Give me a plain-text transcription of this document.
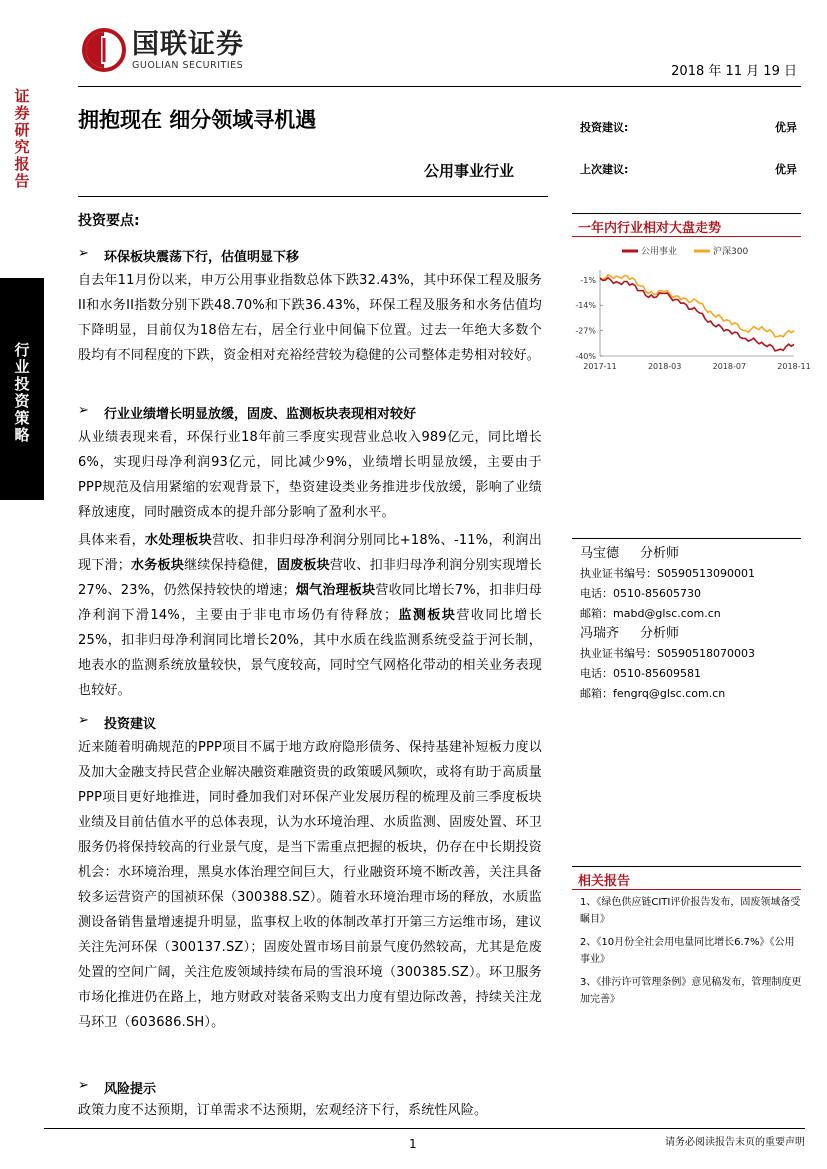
证券研究报告
行业投资策略
国联证券
GUOLIAN SECURITIES	2018 年 11 月 19 日
拥抱现在 细分领域寻机遇
公用事业行业
投资建议:	优异
上次建议:	优异
投资要点:
➢	环保板块震荡下行，估值明显下移
自去年11月份以来，申万公用事业指数总体下跌32.43%，其中环保工程及服务II和水务II指数分别下跌48.70%和下跌36.43%，环保工程及服务和水务估值均下降明显，目前仅为18倍左右，居全行业中间偏下位置。过去一年绝大多数个股均有不同程度的下跌，资金相对充裕经营较为稳健的公司整体走势相对较好。
➢	行业业绩增长明显放缓，固废、监测板块表现相对较好
从业绩表现来看，环保行业18年前三季度实现营业总收入989亿元，同比增长6%，实现归母净利润93亿元，同比减少9%，业绩增长明显放缓，主要由于PPP规范及信用紧缩的宏观背景下，垫资建设类业务推进步伐放缓，影响了业绩释放速度，同时融资成本的提升部分影响了盈利水平。
具体来看，水处理板块营收、扣非归母净利润分别同比+18%、-11%，利润出现下滑；水务板块继续保持稳健，固废板块营收、扣非归母净利润分别实现增长27%、23%，仍然保持较快的增速；烟气治理板块营收同比增长7%，扣非归母净利润下滑14%，主要由于非电市场仍有待释放；监测板块营收同比增长25%，扣非归母净利润同比增长20%，其中水质在线监测系统受益于河长制，地表水的监测系统放量较快，景气度较高，同时空气网格化带动的相关业务表现也较好。
➢	投资建议
近来随着明确规范的PPP项目不属于地方政府隐形债务、保持基建补短板力度以及加大金融支持民营企业解决融资难融资贵的政策暖风频吹，或将有助于高质量PPP项目更好地推进，同时叠加我们对环保产业发展历程的梳理及前三季度板块业绩及目前估值水平的总体表现，认为水环境治理、水质监测、固废处置、环卫服务仍将保持较高的行业景气度，是当下需重点把握的板块，仍存在中长期投资机会：水环境治理，黑臭水体治理空间巨大，行业融资环境不断改善，关注具备较多运营资产的国祯环保（300388.SZ）。随着水环境治理市场的释放，水质监测设备销售量增速提升明显，监事权上收的体制改革打开第三方运维市场，建议关注先河环保（300137.SZ）；固废处置市场目前景气度仍然较高，尤其是危废处置的空间广阔，关注危废领域持续布局的雪浪环境（300385.SZ）。环卫服务市场化推进仍在路上，地方财政对装备采购支出力度有望边际改善，持续关注龙马环卫（603686.SH）。
➢	风险提示
政策力度不达预期，订单需求不达预期，宏观经济下行，系统性风险。
一年内行业相对大盘走势
公用事业	沪深300
-1%
-14%
-27%
-40%
2017-11	2018-03	2018-07	2018-11
马宝德 分析师
执业证书编号：S0590513090001
电话：0510-85605730
邮箱：mabd@glsc.com.cn
冯瑞齐 分析师
执业证书编号：S0590518070003
电话：0510-85609581
邮箱：fengrq@glsc.com.cn
相关报告
1、《绿色供应链CITI评价报告发布，固废领域备受瞩目》
2、《10月份全社会用电量同比增长6.7%》《公用事业》
3、《排污许可管理条例》意见稿发布，管理制度更加完善》
1	请务必阅读报告末页的重要声明
